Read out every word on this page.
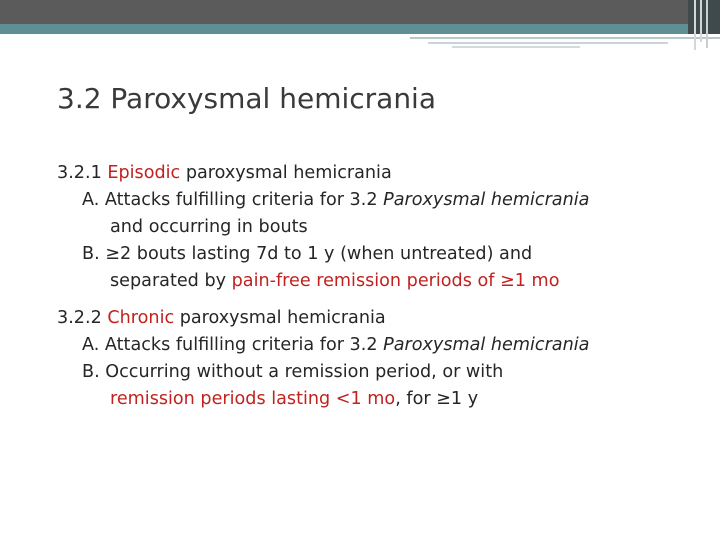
3.2 Paroxysmal hemicrania
3.2.1 Episodic paroxysmal hemicrania
A. Attacks fulfilling criteria for 3.2 Paroxysmal hemicrania
and occurring in bouts
B. ≥2 bouts lasting 7d to 1 y (when untreated) and
separated by pain-free remission periods of ≥1 mo
3.2.2 Chronic paroxysmal hemicrania
A. Attacks fulfilling criteria for 3.2 Paroxysmal hemicrania
B. Occurring without a remission period, or with
remission periods lasting <1 mo, for ≥1 y
